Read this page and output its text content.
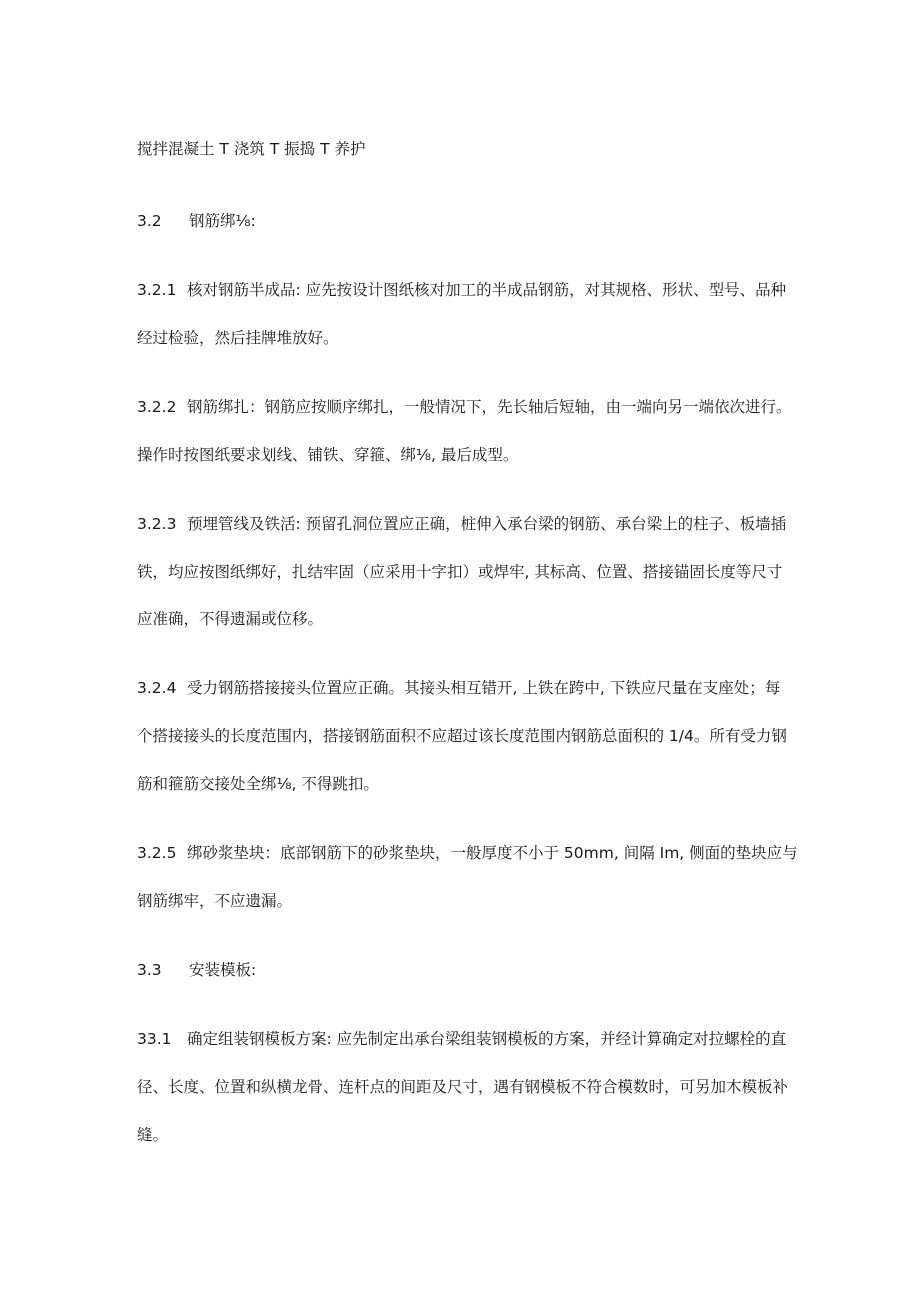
搅拌混凝土 T 浇筑 T 振捣 T 养护
3.2 钢筋绑⅛:
3.2.1 核对钢筋半成品: 应先按设计图纸核对加工的半成品钢筋，对其规格、形状、型号、品种
经过检验，然后挂牌堆放好。
3.2.2 钢筋绑扎：钢筋应按顺序绑扎，一般情况下，先长轴后短轴，由一端向另一端依次进行。
操作时按图纸要求划线、铺铁、穿箍、绑⅛, 最后成型。
3.2.3 预埋管线及铁活: 预留孔洞位置应正确，桩伸入承台梁的钢筋、承台梁上的柱子、板墙插
铁，均应按图纸绑好，扎结牢固（应采用十字扣）或焊牢, 其标高、位置、搭接锚固长度等尺寸
应准确，不得遗漏或位移。
3.2.4 受力钢筋搭接接头位置应正确。其接头相互错开, 上铁在跨中, 下铁应尺量在支座处；每
个搭接接头的长度范围内，搭接钢筋面积不应超过该长度范围内钢筋总面积的 1/4。所有受力钢
筋和箍筋交接处全绑⅛, 不得跳扣。
3.2.5 绑砂浆垫块：底部钢筋下的砂浆垫块，一般厚度不小于 50mm, 间隔 Im, 侧面的垫块应与
钢筋绑牢，不应遗漏。
3.3 安装模板:
33.1 确定组装钢模板方案: 应先制定出承台梁组装钢模板的方案，并经计算确定对拉螺栓的直
径、长度、位置和纵横龙骨、连杆点的间距及尺寸，遇有钢模板不符合模数时，可另加木模板补
缝。
